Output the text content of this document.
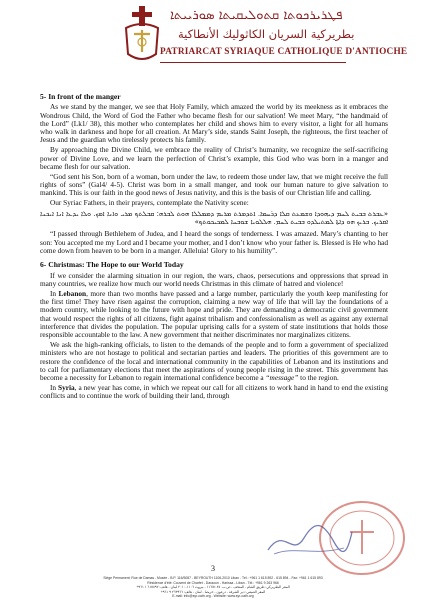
ܦܛܪܝܪܟܘܬܐ ܩܬܘܠܝܩܝܬܐ ܣܘܪܝܝܬܐ
بطريركية السريان الكاثوليك الأنطاكية
PATRIARCAT SYRIAQUE CATHOLIQUE D'ANTIOCHE
5- In front of the manger

As we stand by the manger, we see that Holy Family, which amazed the world by its meekness as it embraces the Wondrous Child, the Word of God the Father who became flesh for our salvation! We meet Mary, “the handmaid of the Lord” (Lk1/ 38), this mother who contemplates her child and shows him to every visitor, a light for all humans who walk in darkness and hope for all creation. At Mary’s side, stands Saint Joseph, the righteous, the first teacher of Jesus and the guardian who tirelessly protects his family.

By approaching the Divine Child, we embrace the reality of Christ’s humanity, we recognize the self-sacrificing power of Divine Love, and we learn the perfection of Christ’s example, this God who was born in a manger and became flesh for our salvation.

“God sent his Son, born of a woman, born under the law, to redeem those under law, that we might receive the full rights of sons” (Gal4/ 4-5). Christ was born in a small manger, and took our human nature to give salvation to mankind. This is our faith in the good news of Jesus nativity, and this is the basis of our Christian life and calling.

Our Syriac Fathers, in their prayers, contemplate the Nativity scene:

«ܥܒܪܬ ܒܒܝܬ ܠܚܡ ܕܝܗܘܕܐ ܘܫܡܥܬ ܩܠܐ ܕܪܚܡܐ. ܐܬܕܡܪܬ ܡܪܝܡ ܕܡܡܠܠܐ ܗܘܬ ܠܒܪܗ: ܩܒܠܬܟ ܡܪܝ ܘܐܢܐ ܐܡܟ. ܘܠܐ ܝܕܥܐ ܐܢܐ ܐܝܟܢܐ ܐܩܪܝܟ. ܒܪܝܟ ܗܘ ܕܐܬܐ ܠܡܬܝܠܕܘ ܒܒܝܬ ܠܚܡ. ܗܠܠܘܝܐ ܫܘܒܚܐ ܠܡܟܝܟܘܬܟ»

“I passed through Bethlehem of Judea, and I heard the songs of tenderness. I was amazed. Mary’s chanting to her son: You accepted me my Lord and I became your mother, and I don’t know who your father is. Blessed is He who had come down from heaven to be born in a manger. Alleluia! Glory to his humility”.

6- Christmas: The Hope to our World Today

If we consider the alarming situation in our region, the wars, chaos, persecutions and oppressions that spread in many countries, we realize how much our world needs Christmas in this climate of hatred and violence!

In Lebanon, more than two months have passed and a large number, particularly the youth keep manifesting for the first time! They have risen against the corruption, claiming a new way of life that will lay the foundations of a modern country, while looking to the future with hope and pride. They are demanding a democratic civil government that would respect the rights of all citizens, fight against tribalism and confessionalism as well as against any external interference that divides the population. The popular uprising calls for a system of state institutions that holds those responsible accountable to the law. A new government that neither discriminates nor marginalizes citizens.

We ask the high-ranking officials, to listen to the demands of the people and to form a government of specialized ministers who are not hostage to political and sectarian parties and leaders. The priorities of this government are to restore the confidence of the local and international community in the capabilities of Lebanon and its institutions and to call for parliamentary elections that meet the aspirations of young people rising in the street. This government has become a necessity for Lebanon to regain international confidence become a “message” to the region.

In Syria, a new year has come, in which we repeat our call for all citizens to work hand in hand to end the existing conflicts and to continue the work of building their land, through

3
Siège Permanent: Rue de Damas - Musée - B.P. 116/5087 - BEYROUTH 1106-2010 Liban - Tél.: +961 1 615 892 - 615 894 - Fax: +961 1 615 893
Résidence d'été: Couvent de Charfet - Daraoun - Harissa - Liban - Tél.: +961 9 263 966
المقر البطريركي: طريق الشام - المتحف - ص.ب. ١١٦/٥٠٨٧ - بيروت ١١٠٦-٢٠١٠ لبنان - هاتف: ٦١٥٨٩٢ ١ ٩٦١+
المقر الصيفي: دير الشرفة - درعون - حريصا - لبنان - هاتف: ٢٦٣٩٦٦ ٩ ٩٦١+
E-mail: info@syr-cath.org - Website: www.syr-cath.org
